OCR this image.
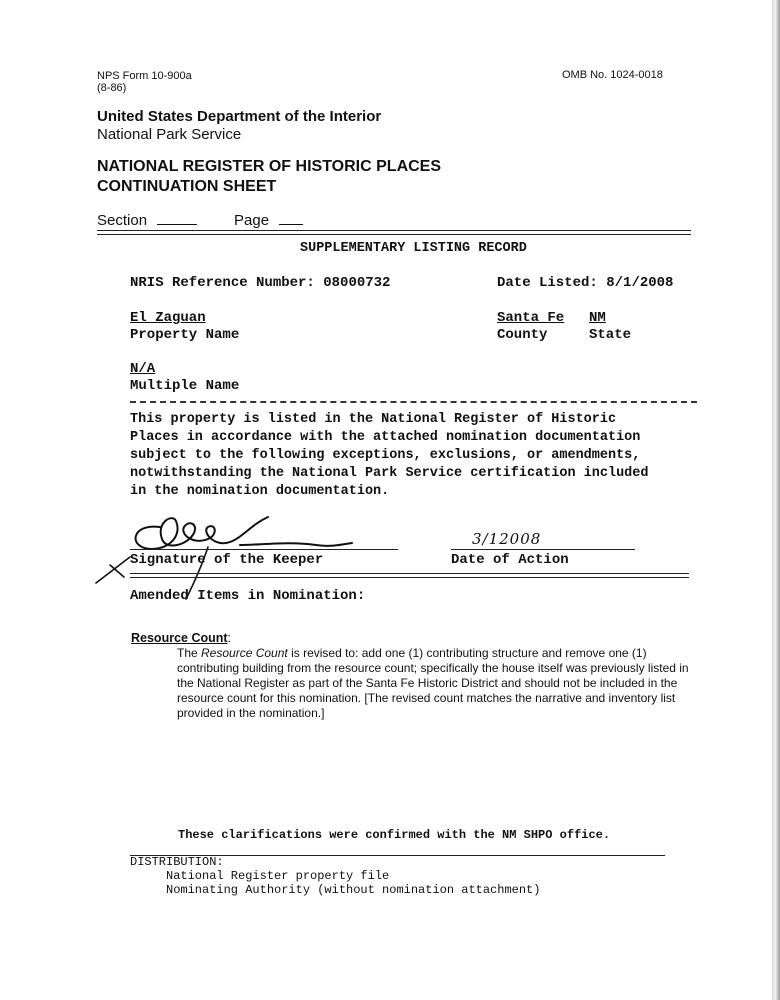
NPS Form 10-900a
(8-86)
OMB No. 1024-0018
United States Department of the Interior
National Park Service
NATIONAL REGISTER OF HISTORIC PLACES
CONTINUATION SHEET
Section	Page
SUPPLEMENTARY LISTING RECORD
NRIS Reference Number: 08000732	Date Listed: 8/1/2008
El Zaguan
Property Name
Santa Fe
County
NM
State
N/A
Multiple Name
This property is listed in the National Register of Historic
Places in accordance with the attached nomination documentation
subject to the following exceptions, exclusions, or amendments,
notwithstanding the National Park Service certification included
in the nomination documentation.
Signature of the Keeper
3/12008
Date of Action
Amended Items in Nomination:
Resource Count:
The Resource Count is revised to: add one (1) contributing structure and remove one (1)
contributing building from the resource count; specifically the house itself was previously listed in
the National Register as part of the Santa Fe Historic District and should not be included in the
resource count for this nomination. [The revised count matches the narrative and inventory list
provided in the nomination.]
These clarifications were confirmed with the NM SHPO office.
DISTRIBUTION:
National Register property file
Nominating Authority (without nomination attachment)
